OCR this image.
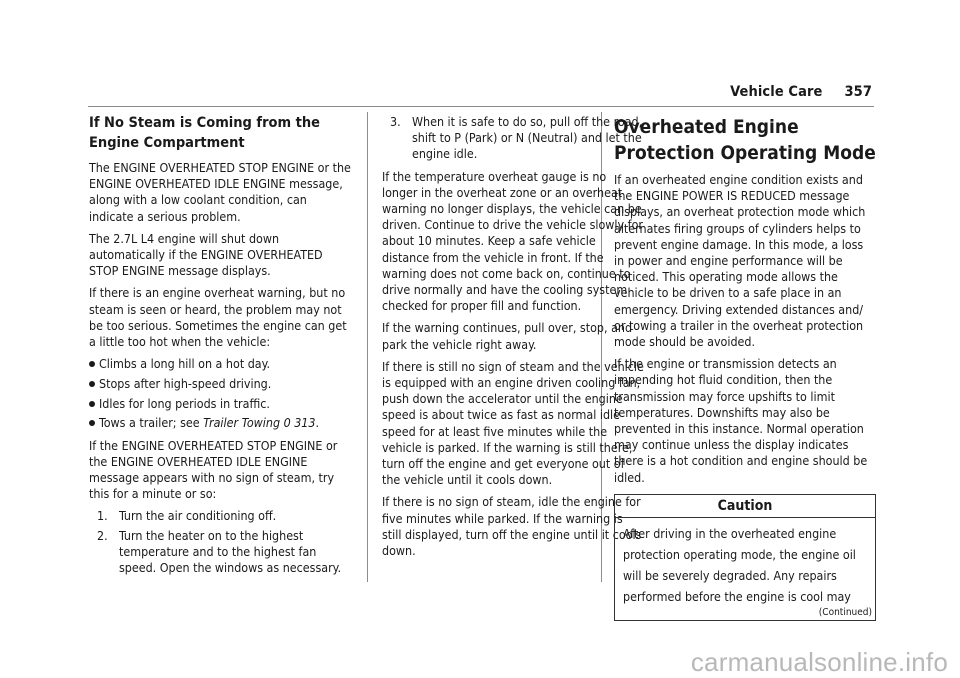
Vehicle Care 357
If No Steam is Coming from the Engine Compartment

The ENGINE OVERHEATED STOP ENGINE or the ENGINE OVERHEATED IDLE ENGINE message, along with a low coolant condition, can indicate a serious problem.

The 2.7L L4 engine will shut down automatically if the ENGINE OVERHEATED STOP ENGINE message displays.

If there is an engine overheat warning, but no steam is seen or heard, the problem may not be too serious. Sometimes the engine can get a little too hot when the vehicle:

Climbs a long hill on a hot day.
Stops after high-speed driving.
Idles for long periods in traffic.
Tows a trailer; see Trailer Towing 0 313.

If the ENGINE OVERHEATED STOP ENGINE or the ENGINE OVERHEATED IDLE ENGINE message appears with no sign of steam, try this for a minute or so:

1. Turn the air conditioning off.
2. Turn the heater on to the highest temperature and to the highest fan speed. Open the windows as necessary.
3. When it is safe to do so, pull off the road, shift to P (Park) or N (Neutral) and let the engine idle.

If the temperature overheat gauge is no longer in the overheat zone or an overheat warning no longer displays, the vehicle can be driven. Continue to drive the vehicle slowly for about 10 minutes. Keep a safe vehicle distance from the vehicle in front. If the warning does not come back on, continue to drive normally and have the cooling system checked for proper fill and function.

If the warning continues, pull over, stop, and park the vehicle right away.

If there is still no sign of steam and the vehicle is equipped with an engine driven cooling fan, push down the accelerator until the engine speed is about twice as fast as normal idle speed for at least five minutes while the vehicle is parked. If the warning is still there, turn off the engine and get everyone out of the vehicle until it cools down.

If there is no sign of steam, idle the engine for five minutes while parked. If the warning is still displayed, turn off the engine until it cools down.

Overheated Engine Protection Operating Mode

If an overheated engine condition exists and the ENGINE POWER IS REDUCED message displays, an overheat protection mode which alternates firing groups of cylinders helps to prevent engine damage. In this mode, a loss in power and engine performance will be noticed. This operating mode allows the vehicle to be driven to a safe place in an emergency. Driving extended distances and/ or towing a trailer in the overheat protection mode should be avoided.

If the engine or transmission detects an impending hot fluid condition, then the transmission may force upshifts to limit temperatures. Downshifts may also be prevented in this instance. Normal operation may continue unless the display indicates there is a hot condition and engine should be idled.

Caution
After driving in the overheated engine protection operating mode, the engine oil will be severely degraded. Any repairs performed before the engine is cool may
(Continued)
carmanualsonline.info
